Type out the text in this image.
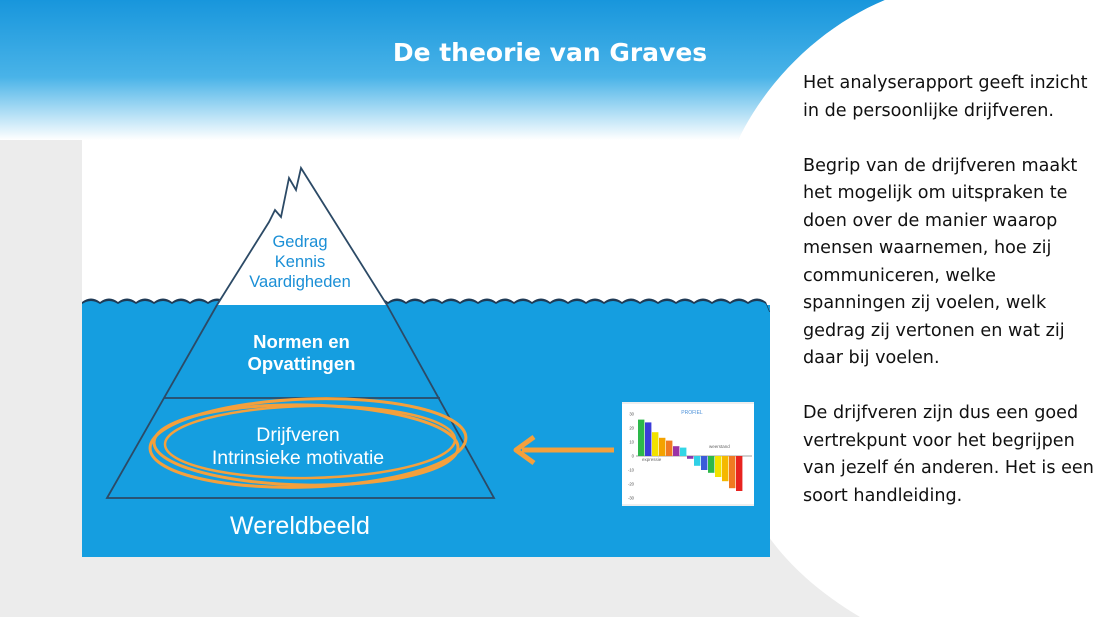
De theorie van Graves

Het analyserapport geeft inzicht in de persoonlijke drijfveren.

Begrip van de drijfveren maakt het mogelijk om uitspraken te doen over de manier waarop mensen waarnemen, hoe zij communiceren, welke spanningen zij voelen, welk gedrag zij vertonen en wat zij daar bij voelen.

De drijfveren zijn dus een goed vertrekpunt voor het begrijpen van jezelf én anderen. Het is een soort handleiding.

Gedrag
Kennis
Vaardigheden
Normen en
Opvattingen
Drijfveren
Intrinsieke motivatie
Wereldbeeld
PROFIEL
expressie
weerstand
30
20
10
0
-10
-20
-30
